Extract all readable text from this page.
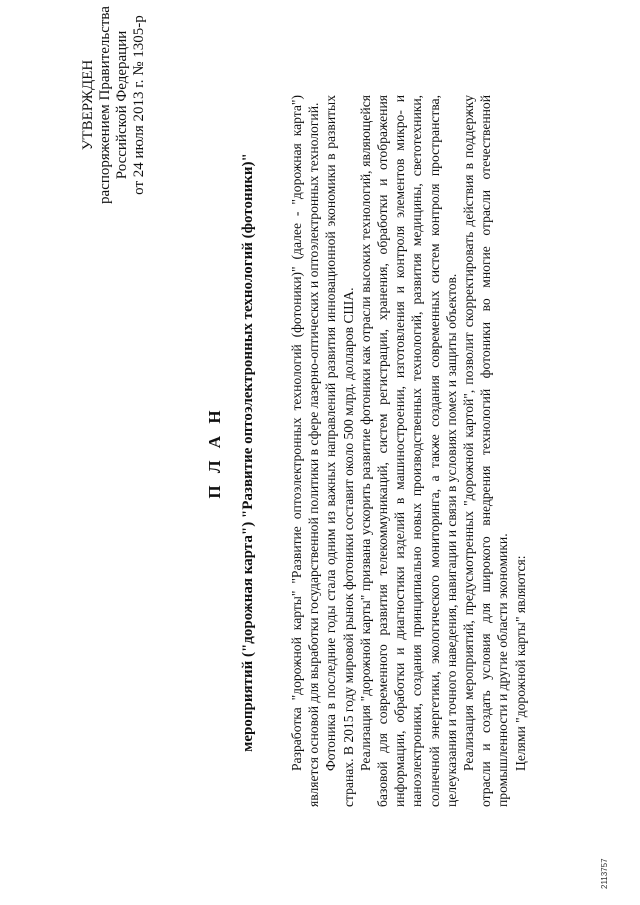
УТВЕРЖДЕН распоряжением Правительства Российской Федерации от 24 июля 2013 г. № 1305-р
П Л А Н мероприятий ("дорожная карта") "Развитие оптоэлектронных технологий (фотоники)" Разработка "дорожной карты" "Развитие оптоэлектронных технологий (фотоники)" (далее - "дорожная карта") является основой для выработки государственной политики в сфере лазерно-оптических и оптоэлектронных технологий. Фотоника в последние годы стала одним из важных направлений развития инновационной экономики в развитых странах. В 2015 году мировой рынок фотоники составит около 500 млрд. долларов США. Реализация "дорожной карты" призвана ускорить развитие фотоники как отрасли высоких технологий, являющейся базовой для современного развития телекоммуникаций, систем регистрации, хранения, обработки и отображения информации, обработки и диагностики изделий в машиностроении, изготовления и контроля элементов микро- и наноэлектроники, создания принципиально новых производственных технологий, развития медицины, светотехники, солнечной энергетики, экологического мониторинга, а также создания современных систем контроля пространства, целеуказания и точного наведения, навигации и связи в условиях помех и защиты объектов. Реализация мероприятий, предусмотренных "дорожной картой", позволит скорректировать действия в поддержку отрасли и создать условия для широкого внедрения технологий фотоники во многие отрасли отечественной промышленности и другие области экономики. Целями "дорожной карты" являются:

2113757
